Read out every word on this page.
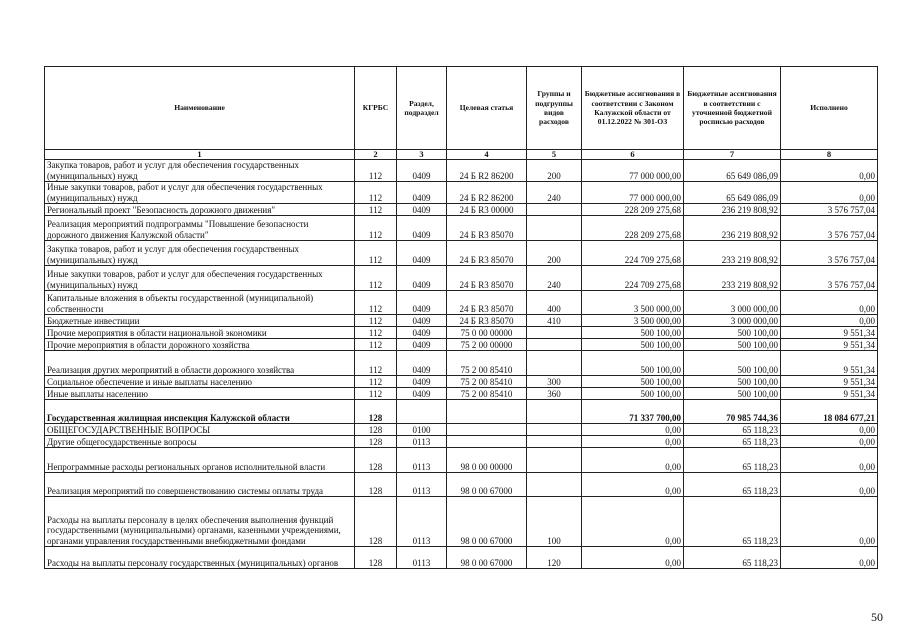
Наименование	КГРБС	Раздел, подраздел	Целевая статья	Группы и подгруппы видов расходов	Бюджетные ассигнования в соответствии с Законом Калужской области от 01.12.2022 № 301-ОЗ	Бюджетные ассигнования в соответствии с уточненной бюджетной росписью расходов	Исполнено
1	2	3	4	5	6	7	8
Закупка товаров, работ и услуг для обеспечения государственных (муниципальных) нужд	112	0409	24 Б R2 86200	200	77 000 000,00	65 649 086,09	0,00
Иные закупки товаров, работ и услуг для обеспечения государственных (муниципальных) нужд	112	0409	24 Б R2 86200	240	77 000 000,00	65 649 086,09	0,00
Региональный проект "Безопасность дорожного движения"	112	0409	24 Б R3 00000		228 209 275,68	236 219 808,92	3 576 757,04
Реализация мероприятий подпрограммы "Повышение безопасности дорожного движения Калужской области"	112	0409	24 Б R3 85070		228 209 275,68	236 219 808,92	3 576 757,04
Закупка товаров, работ и услуг для обеспечения государственных (муниципальных) нужд	112	0409	24 Б R3 85070	200	224 709 275,68	233 219 808,92	3 576 757,04
Иные закупки товаров, работ и услуг для обеспечения государственных (муниципальных) нужд	112	0409	24 Б R3 85070	240	224 709 275,68	233 219 808,92	3 576 757,04
Капитальные вложения в объекты государственной (муниципальной) собственности	112	0409	24 Б R3 85070	400	3 500 000,00	3 000 000,00	0,00
Бюджетные инвестиции	112	0409	24 Б R3 85070	410	3 500 000,00	3 000 000,00	0,00
Прочие мероприятия в области национальной экономики	112	0409	75 0 00 00000		500 100,00	500 100,00	9 551,34
Прочие мероприятия в области дорожного хозяйства	112	0409	75 2 00 00000		500 100,00	500 100,00	9 551,34
Реализация других мероприятий в области дорожного хозяйства	112	0409	75 2 00 85410		500 100,00	500 100,00	9 551,34
Социальное обеспечение и иные выплаты населению	112	0409	75 2 00 85410	300	500 100,00	500 100,00	9 551,34
Иные выплаты населению	112	0409	75 2 00 85410	360	500 100,00	500 100,00	9 551,34
Государственная жилищная инспекция Калужской области	128				71 337 700,00	70 985 744,36	18 084 677,21
ОБЩЕГОСУДАРСТВЕННЫЕ ВОПРОСЫ	128	0100			0,00	65 118,23	0,00
Другие общегосударственные вопросы	128	0113			0,00	65 118,23	0,00
Непрограммные расходы региональных органов исполнительной власти	128	0113	98 0 00 00000		0,00	65 118,23	0,00
Реализация мероприятий по совершенствованию системы оплаты труда	128	0113	98 0 00 67000		0,00	65 118,23	0,00
Расходы на выплаты персоналу в целях обеспечения выполнения функций государственными (муниципальными) органами, казенными учреждениями, органами управления государственными внебюджетными фондами	128	0113	98 0 00 67000	100	0,00	65 118,23	0,00
Расходы на выплаты персоналу государственных (муниципальных) органов	128	0113	98 0 00 67000	120	0,00	65 118,23	0,00
50
